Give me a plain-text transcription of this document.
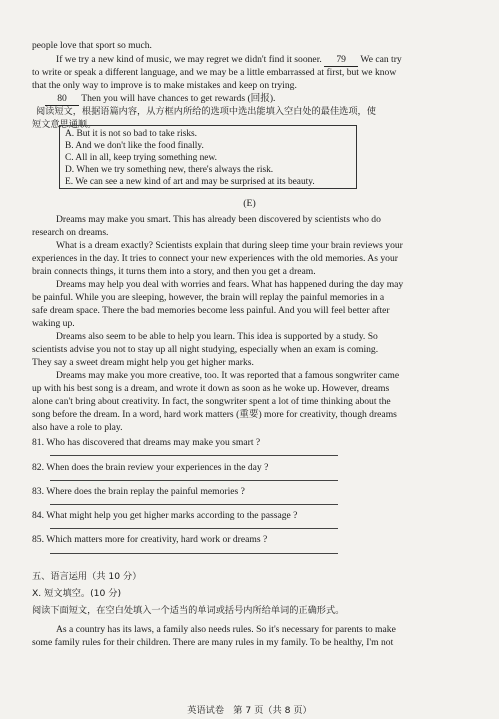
people love that sport so much.
If we try a new kind of music, we may regret we didn't find it sooner. 79 We can try
to write or speak a different language, and we may be a little embarrassed at first, but we know
that the only way to improve is to make mistakes and keep on trying.
80 Then you will have chances to get rewards (回报).
阅读短文，根据语篇内容，从方框内所给的选项中选出能填入空白处的最佳选项，使
短文意思通顺。
A. But it is not so bad to take risks.
B. And we don't like the food finally.
C. All in all, keep trying something new.
D. When we try something new, there's always the risk.
E. We can see a new kind of art and may be surprised at its beauty.
(E)
Dreams may make you smart. This has already been discovered by scientists who do
research on dreams.
What is a dream exactly? Scientists explain that during sleep time your brain reviews your
experiences in the day. It tries to connect your new experiences with the old memories. As your
brain connects things, it turns them into a story, and then you get a dream.
Dreams may help you deal with worries and fears. What has happened during the day may
be painful. While you are sleeping, however, the brain will replay the painful memories in a
safe dream space. There the bad memories become less painful. And you will feel better after
waking up.
Dreams also seem to be able to help you learn. This idea is supported by a study. So
scientists advise you not to stay up all night studying, especially when an exam is coming.
They say a sweet dream might help you get higher marks.
Dreams may make you more creative, too. It was reported that a famous songwriter came
up with his best song is a dream, and wrote it down as soon as he woke up. However, dreams
alone can't bring about creativity. In fact, the songwriter spent a lot of time thinking about the
song before the dream. In a word, hard work matters (重要) more for creativity, though dreams
also have a role to play.
81. Who has discovered that dreams may make you smart ?
82. When does the brain review your experiences in the day ?
83. Where does the brain replay the painful memories ?
84. What might help you get higher marks according to the passage ?
85. Which matters more for creativity, hard work or dreams ?
五、语言运用（共 10 分）
X. 短文填空。(10 分)
阅读下面短文，在空白处填入一个适当的单词或括号内所给单词的正确形式。
As a country has its laws, a family also needs rules. So it's necessary for parents to make
some family rules for their children. There are many rules in my family. To be healthy, I'm not
英语试卷　第 7 页（共 8 页）
